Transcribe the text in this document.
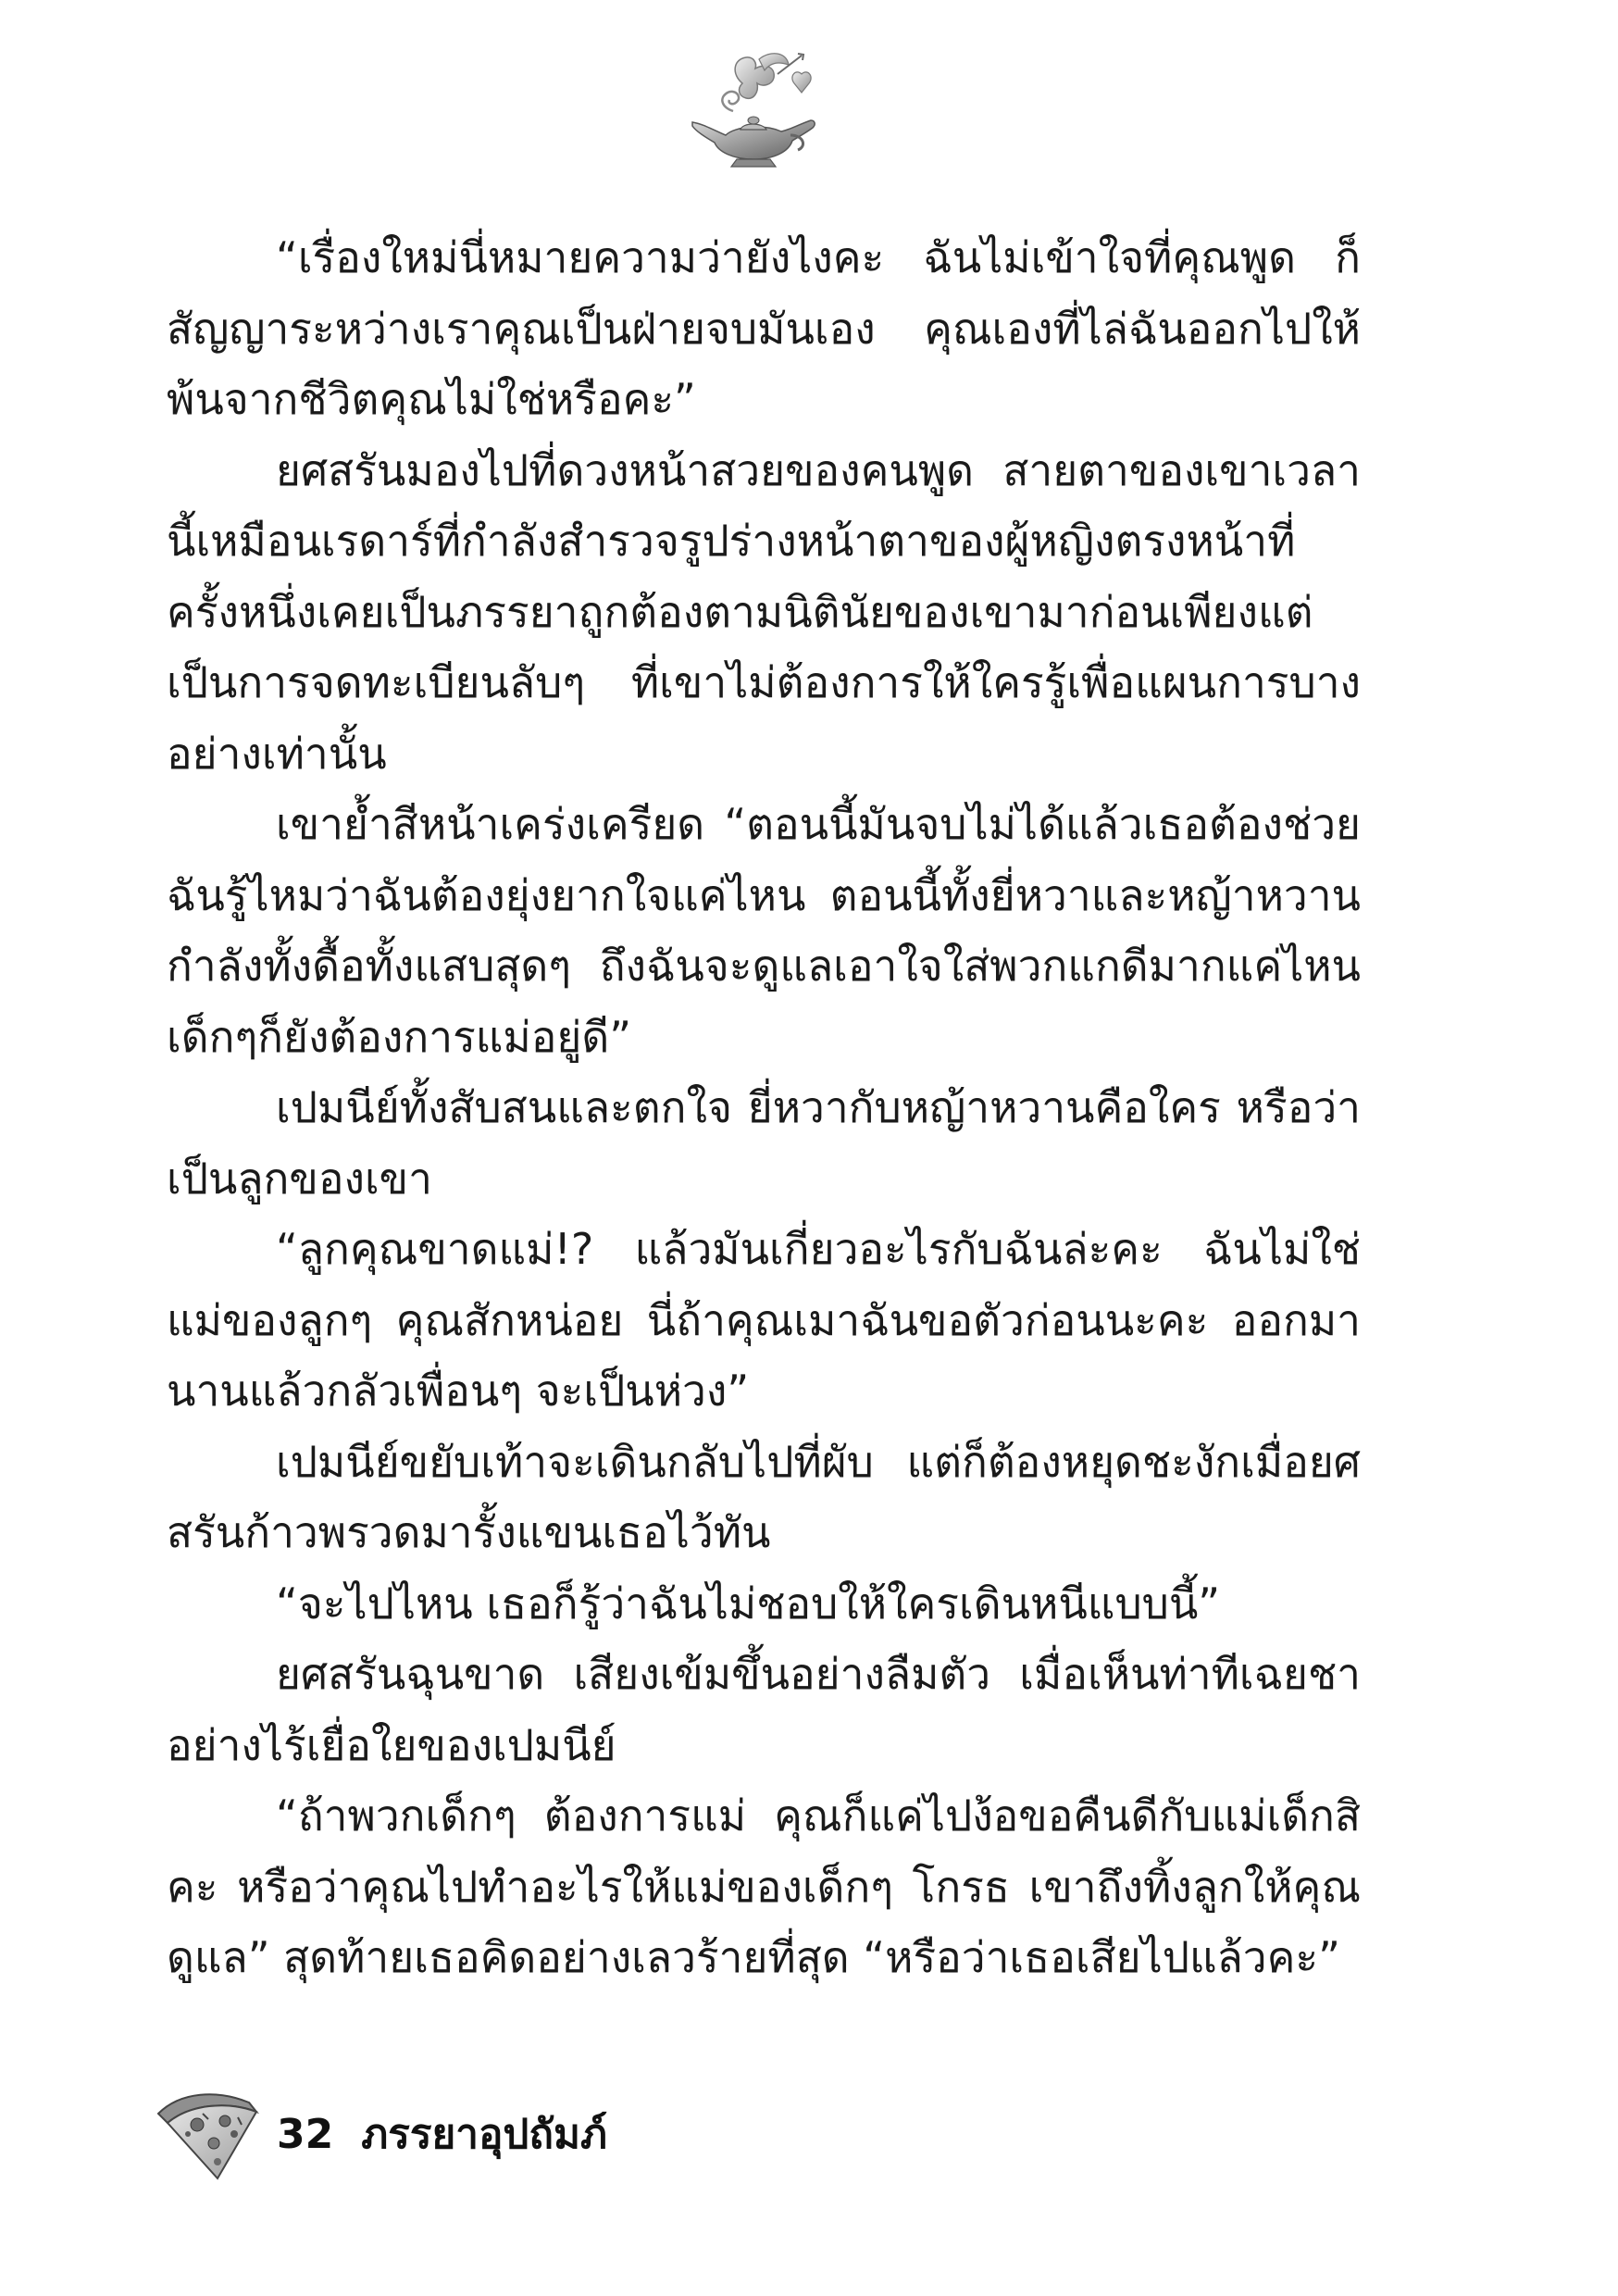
“เรื่องใหม่นี่หมายความว่ายังไงคะ ฉันไม่เข้าใจที่คุณพูด ก็สัญญาระหว่างเราคุณเป็นฝ่ายจบมันเอง คุณเองที่ไล่ฉันออกไปให้พ้นจากชีวิตคุณไม่ใช่หรือคะ”

ยศสรันมองไปที่ดวงหน้าสวยของคนพูด สายตาของเขาเวลานี้เหมือนเรดาร์ที่กำลังสำรวจรูปร่างหน้าตาของผู้หญิงตรงหน้าที่ครั้งหนึ่งเคยเป็นภรรยาถูกต้องตามนิตินัยของเขามาก่อนเพียงแต่เป็นการจดทะเบียนลับๆ ที่เขาไม่ต้องการให้ใครรู้เพื่อแผนการบางอย่างเท่านั้น

เขาย้ำสีหน้าเคร่งเครียด “ตอนนี้มันจบไม่ได้แล้วเธอต้องช่วยฉันรู้ไหมว่าฉันต้องยุ่งยากใจแค่ไหน ตอนนี้ทั้งยี่หวาและหญ้าหวาน กำลังทั้งดื้อทั้งแสบสุดๆ ถึงฉันจะดูแลเอาใจใส่พวกแกดีมากแค่ไหน เด็กๆก็ยังต้องการแม่อยู่ดี”

เปมนีย์ทั้งสับสนและตกใจ ยี่หวากับหญ้าหวานคือใคร หรือว่าเป็นลูกของเขา

“ลูกคุณขาดแม่!? แล้วมันเกี่ยวอะไรกับฉันล่ะคะ ฉันไม่ใช่แม่ของลูกๆ คุณสักหน่อย นี่ถ้าคุณเมาฉันขอตัวก่อนนะคะ ออกมานานแล้วกลัวเพื่อนๆ จะเป็นห่วง”

เปมนีย์ขยับเท้าจะเดินกลับไปที่ผับ แต่ก็ต้องหยุดชะงักเมื่อยศสรันก้าวพรวดมารั้งแขนเธอไว้ทัน

“จะไปไหน เธอก็รู้ว่าฉันไม่ชอบให้ใครเดินหนีแบบนี้”

ยศสรันฉุนขาด เสียงเข้มขึ้นอย่างลืมตัว เมื่อเห็นท่าทีเฉยชาอย่างไร้เยื่อใยของเปมนีย์

“ถ้าพวกเด็กๆ ต้องการแม่ คุณก็แค่ไปง้อขอคืนดีกับแม่เด็กสิคะ หรือว่าคุณไปทำอะไรให้แม่ของเด็กๆ โกรธ เขาถึงทิ้งลูกให้คุณดูแล” สุดท้ายเธอคิดอย่างเลวร้ายที่สุด “หรือว่าเธอเสียไปแล้วคะ”

32 ภรรยาอุปถัมภ์
